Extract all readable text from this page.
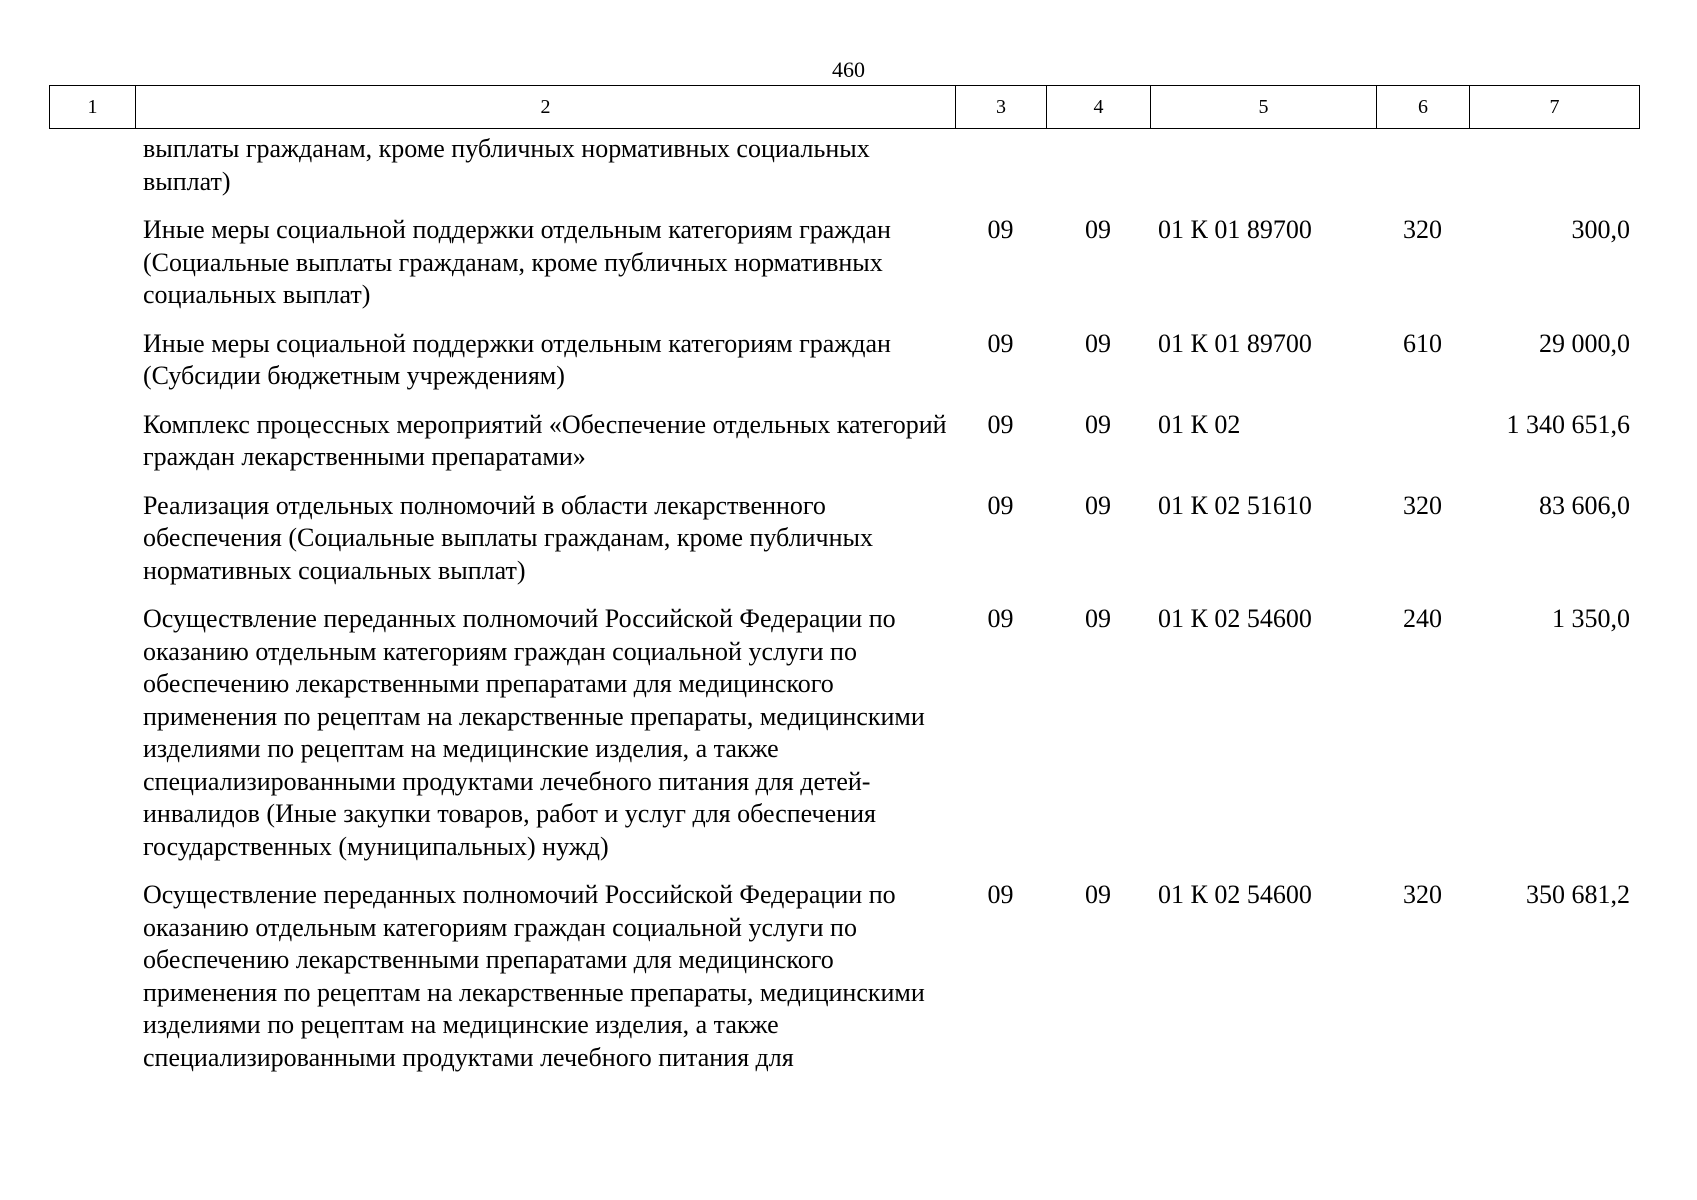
460
1	2	3	4	5	6	7
выплаты гражданам, кроме публичных нормативных социальных выплат)					
Иные меры социальной поддержки отдельным категориям граждан (Социальные выплаты гражданам, кроме публичных нормативных социальных выплат)	09	09	01 К 01 89700	320	300,0
Иные меры социальной поддержки отдельным категориям граждан (Субсидии бюджетным учреждениям)	09	09	01 К 01 89700	610	29 000,0
Комплекс процессных мероприятий «Обеспечение отдельных категорий граждан лекарственными препаратами»	09	09	01 К 02		1 340 651,6
Реализация отдельных полномочий в области лекарственного обеспечения (Социальные выплаты гражданам, кроме публичных нормативных социальных выплат)	09	09	01 К 02 51610	320	83 606,0
Осуществление переданных полномочий Российской Федерации по оказанию отдельным категориям граждан социальной услуги по обеспечению лекарственными препаратами для медицинского применения по рецептам на лекарственные препараты, медицинскими изделиями по рецептам на медицинские изделия, а также специализированными продуктами лечебного питания для детей-инвалидов (Иные закупки товаров, работ и услуг для обеспечения государственных (муниципальных) нужд)	09	09	01 К 02 54600	240	1 350,0
Осуществление переданных полномочий Российской Федерации по оказанию отдельным категориям граждан социальной услуги по обеспечению лекарственными препаратами для медицинского применения по рецептам на лекарственные препараты, медицинскими изделиями по рецептам на медицинские изделия, а также специализированными продуктами лечебного питания для	09	09	01 К 02 54600	320	350 681,2
